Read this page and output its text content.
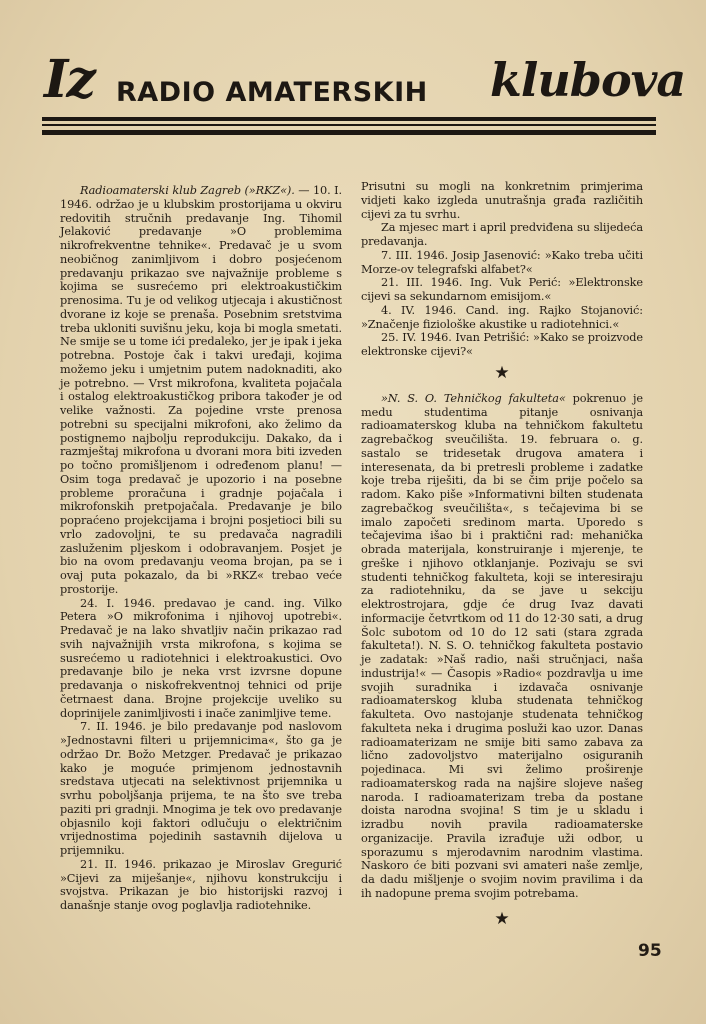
Iz RADIO AMATERSKIH klubova

Radioamaterski klub Zagreb (»RKZ«). — 10. I. 1946. održao je u klubskim prostorijama u okviru redovitih stručnih predavanje Ing. Tihomil Jelaković predavanje »O problemima nikrofrekventne tehnike«. Predavač je u svom neobičnog zanimljivom i dobro posjećenom predavanju prikazao sve najvažnije probleme s kojima se susrećemo pri elektroakustičkim prenosima. Tu je od velikog utjecaja i akustičnost dvorane iz koje se prenaša. Posebnim sretstvima treba ukloniti suvišnu jeku, koja bi mogla smetati. Ne smije se u tome ići predaleko, jer je ipak i jeka potrebna. Postoje čak i takvi uređaji, kojima možemo jeku i umjetnim putem nadoknaditi, ako je potrebno. — Vrst mikrofona, kvaliteta pojačala i ostalog elektroakustičkog pribora također je od velike važnosti. Za pojedine vrste prenosa potrebni su specijalni mikrofoni, ako želimo da postignemo najbolju reprodukciju. Dakako, da i razmještaj mikrofona u dvorani mora biti izveden po točno promišljenom i određenom planu! — Osim toga predavač je upozorio i na posebne probleme proračuna i gradnje pojačala i mikrofonskih pretpojačala. Predavanje je bilo popraćeno projekcijama i brojni posjetioci bili su vrlo zadovoljni, te su predavača nagradili zasluženim pljeskom i odobravanjem. Posjet je bio na ovom predavanju veoma brojan, pa se i ovaj puta pokazalo, da bi »RKZ« trebao veće prostorije.

24. I. 1946. predavao je cand. ing. Vilko Petera »O mikrofonima i njihovoj upotrebi«. Predavač je na lako shvatljiv način prikazao rad svih najvažnijih vrsta mikrofona, s kojima se susrećemo u radiotehnici i elektroakustici. Ovo predavanje bilo je neka vrst izvrsne dopune predavanja o niskofrekventnoj tehnici od prije četrnaest dana. Brojne projekcije uveliko su doprinijele zanimljivosti i inače zanimljive teme.

7. II. 1946. je bilo predavanje pod naslovom »Jednostavni filteri u prijemnicima«, što ga je održao Dr. Božo Metzger. Predavač je prikazao kako je moguće primjenom jednostavnih sredstava utjecati na selektivnost prijemnika u svrhu poboljšanja prijema, te na što sve treba paziti pri gradnji. Mnogima je tek ovo predavanje objasnilo koji faktori odlučuju o električnim vrijednostima pojedinih sastavnih dijelova u prijemniku.

21. II. 1946. prikazao je Miroslav Gregurić »Cijevi za miješanje«, njihovu konstrukciju i svojstva. Prikazan je bio historijski razvoj i današnje stanje ovog poglavlja radiotehnike.

Prisutni su mogli na konkretnim primjerima vidjeti kako izgleda unutrašnja građa različitih cijevi za tu svrhu.

Za mjesec mart i april predviđena su slijedeća predavanja.

7. III. 1946. Josip Jasenović: »Kako treba učiti Morze-ov telegrafski alfabet?«

21. III. 1946. Ing. Vuk Perić: »Elektronske cijevi sa sekundarnom emisijom.«

4. IV. 1946. Cand. ing. Rajko Stojanović: »Značenje fiziološke akustike u radiotehnici.«

25. IV. 1946. Ivan Petrišić: »Kako se proizvode elektronske cijevi?«

★

»N. S. O. Tehničkog fakulteta« pokrenuo je medu studentima pitanje osnivanja radioamaterskog kluba na tehničkom fakultetu zagrebačkog sveučilišta. 19. februara o. g. sastalo se tridesetak drugova amatera i interesenata, da bi pretresli probleme i zadatke koje treba riješiti, da bi se čim prije počelo sa radom. Kako piše »Informativni bilten studenata zagrebačkog sveučilišta«, s tečajevima bi se imalo započeti sredinom marta. Uporedo s tečajevima išao bi i praktični rad: mehanička obrada materijala, konstruiranje i mjerenje, te greške i njihovo otklanjanje. Pozivaju se svi studenti tehničkog fakulteta, koji se interesiraju za radiotehniku, da se jave u sekciju elektrostrojara, gdje će drug Ivaz davati informacije četvrtkom od 11 do 12·30 sati, a drug Šolc subotom od 10 do 12 sati (stara zgrada fakulteta!). N. S. O. tehničkog fakulteta postavio je zadatak: »Naš radio, naši stručnjaci, naša industrija!« — Časopis »Radio« pozdravlja u ime svojih suradnika i izdavača osnivanje radioamaterskog kluba studenata tehničkog fakulteta. Ovo nastojanje studenata tehničkog fakulteta neka i drugima posluži kao uzor. Danas radioamaterizam ne smije biti samo zabava za lično zadovoljstvo materijalno osiguranih pojedinaca. Mi svi želimo proširenje radioamaterskog rada na najšire slojeve našeg naroda. I radioamaterizam treba da postane doista narodna svojina! S tim je u skladu i izradbu novih pravila radioamaterske organizacije. Pravila izrađuje uži odbor, u sporazumu s mjerodavnim narodnim vlastima. Naskoro će biti pozvani svi amateri naše zemlje, da dadu mišljenje o svojim novim pravilima i da ih nadopune prema svojim potrebama.

★
95
